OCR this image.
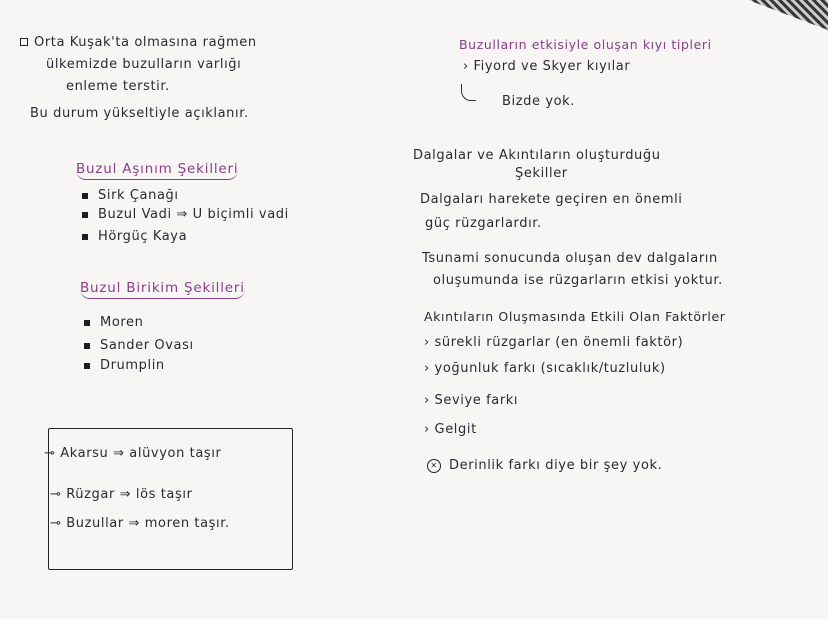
Orta Kuşak'ta olmasına rağmen
ülkemizde buzulların varlığı
enleme terstir.
Bu durum yükseltiyle açıklanır.
Buzul Aşınım Şekilleri
Sirk Çanağı
Buzul Vadi ⇒ U biçimli vadi
Hörgüç Kaya
Buzul Birikim Şekilleri
Moren
Sander Ovası
Drumplin
⊸ Akarsu ⇒ alüvyon taşır
⊸ Rüzgar ⇒ lös taşır
⊸ Buzullar ⇒ moren taşır.
Buzulların etkisiyle oluşan kıyı tipleri
› Fiyord ve Skyer kıyılar
Bizde yok.
Dalgalar ve Akıntıların oluşturduğu
Şekiller
Dalgaları harekete geçiren en önemli
güç rüzgarlardır.
Tsunami sonucunda oluşan dev dalgaların
oluşumunda ise rüzgarların etkisi yoktur.
Akıntıların Oluşmasında Etkili Olan Faktörler
› sürekli rüzgarlar (en önemli faktör)
› yoğunluk farkı (sıcaklık/tuzluluk)
› Seviye farkı
› Gelgit
✕ Derinlik farkı diye bir şey yok.
